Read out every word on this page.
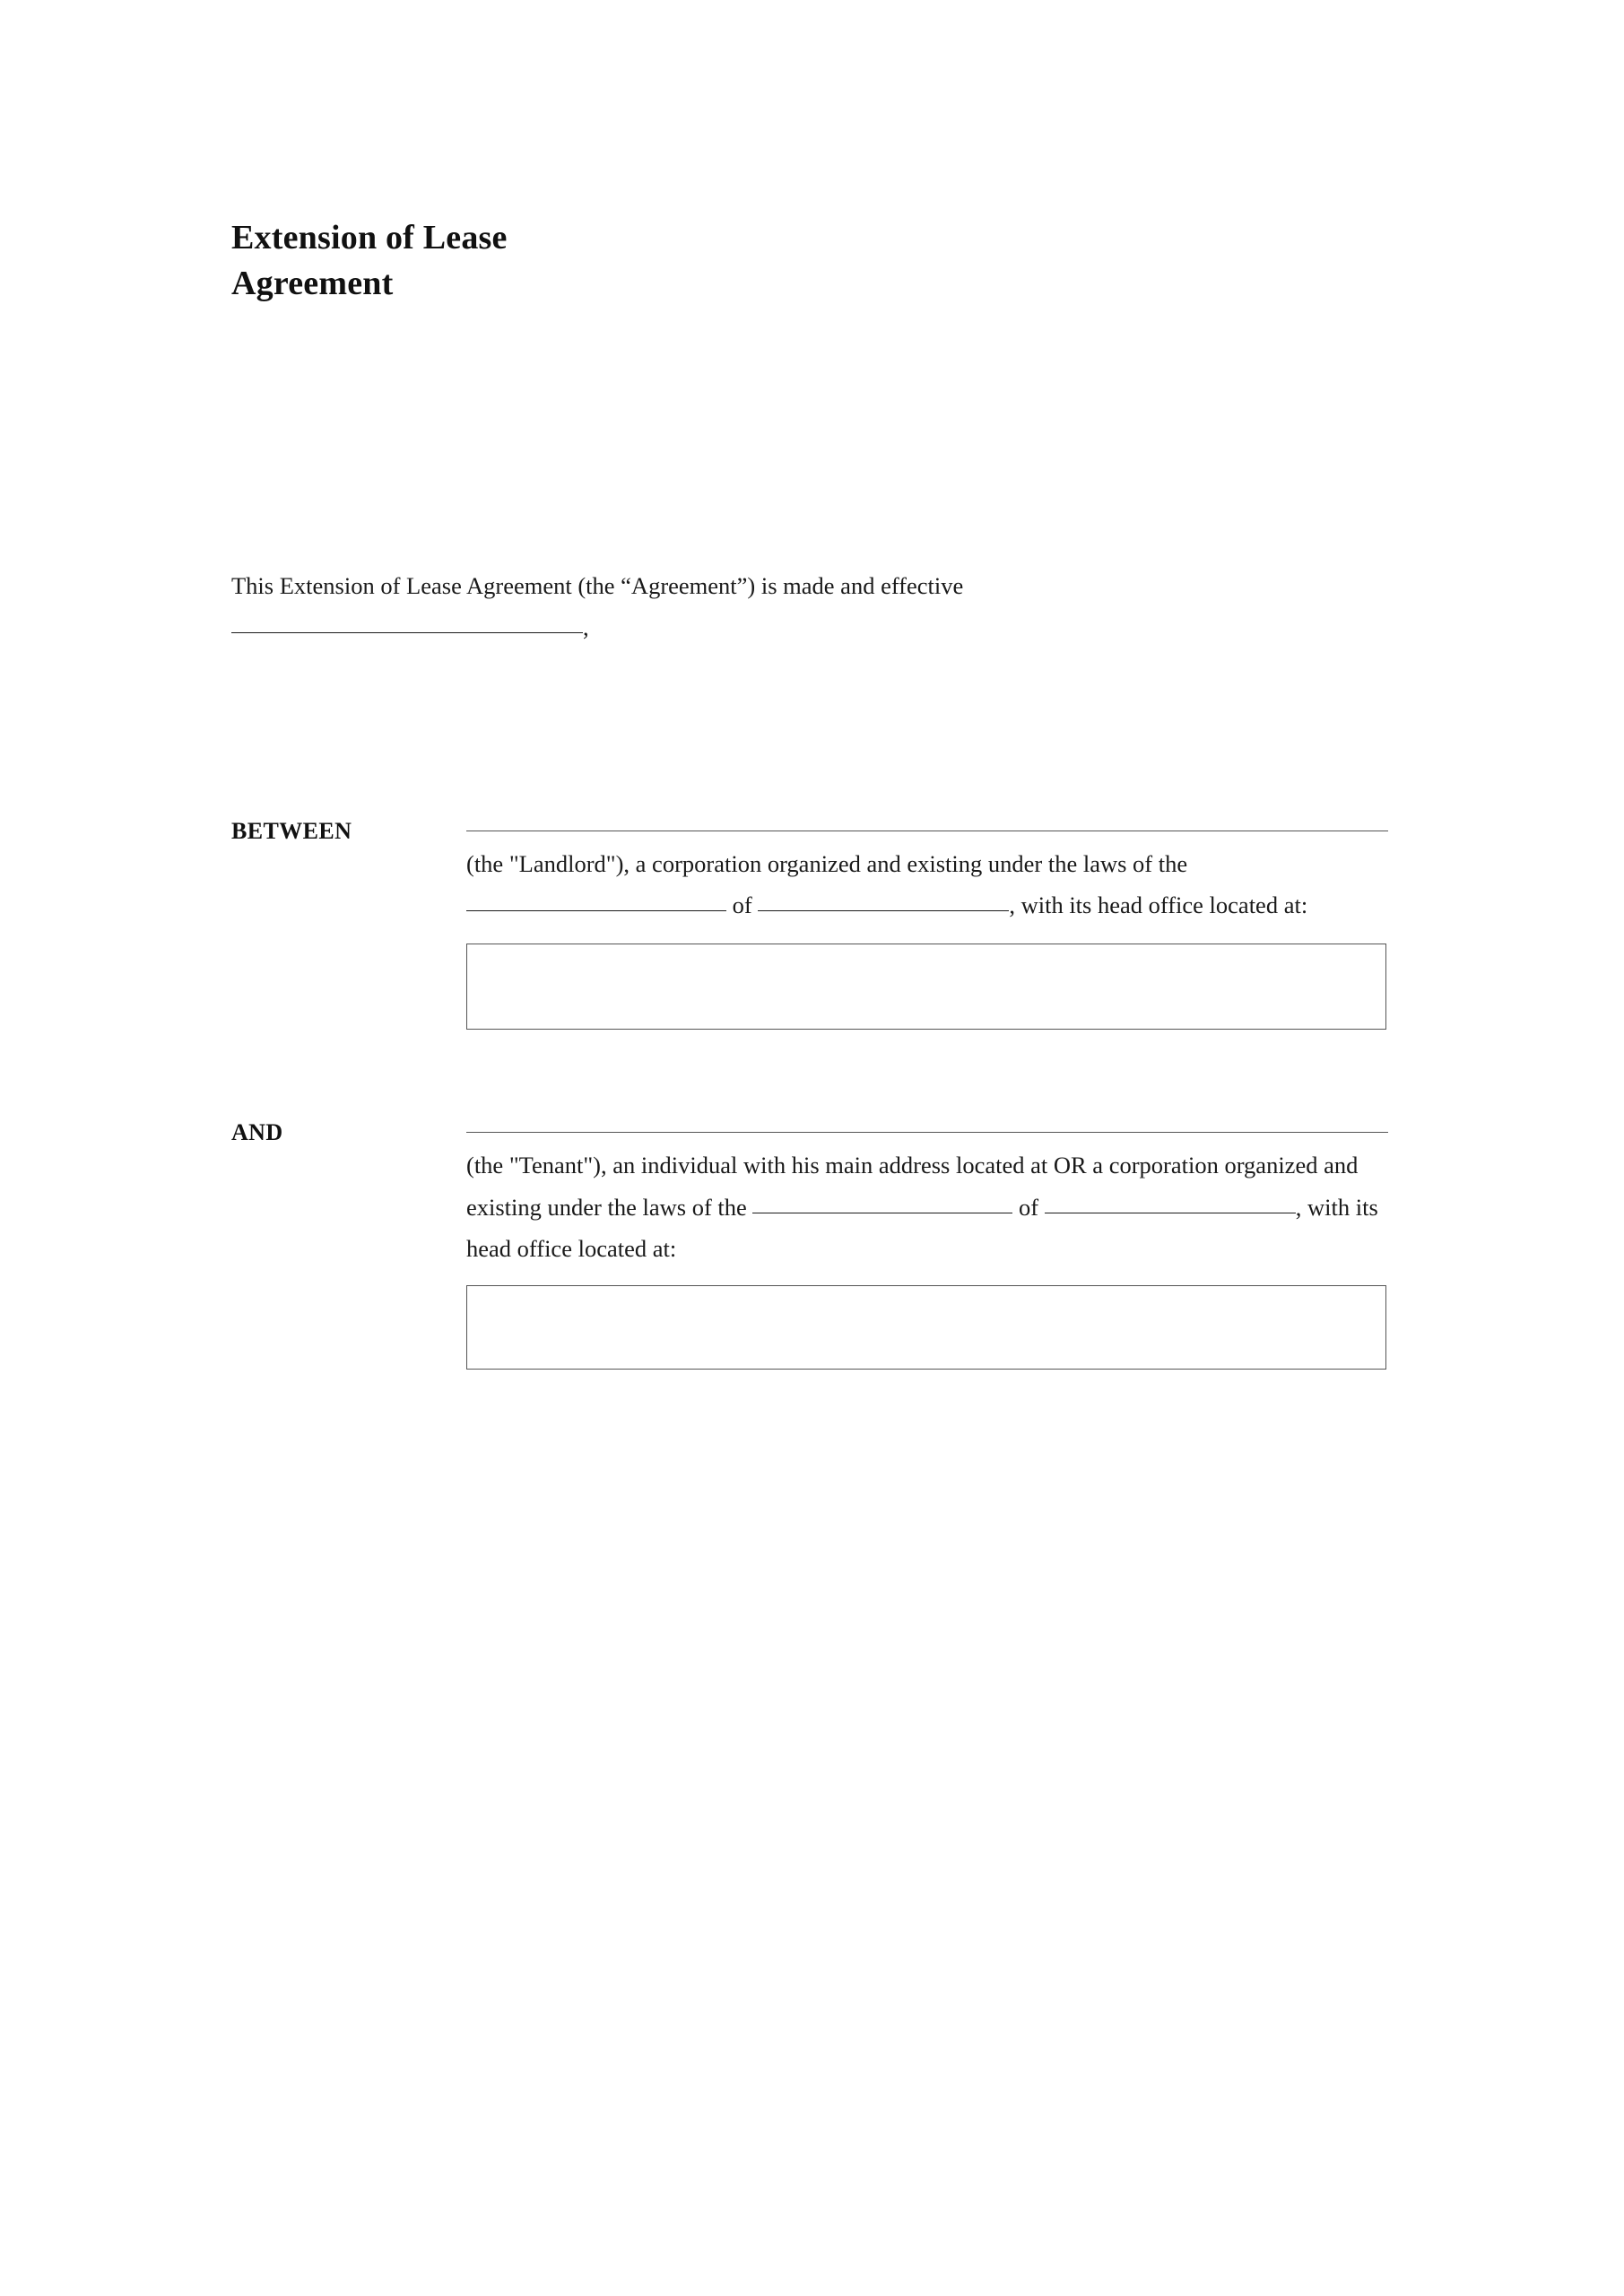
Extension of Lease Agreement

This Extension of Lease Agreement (the “Agreement”) is made and effective
,

BETWEEN
(the "Landlord"), a corporation organized and existing under the laws of the  of	, with its head office located at:
AND
(the "Tenant"), an individual with his main address located at OR a corporation organized and existing under the laws of the	of	, with its head office located at:
